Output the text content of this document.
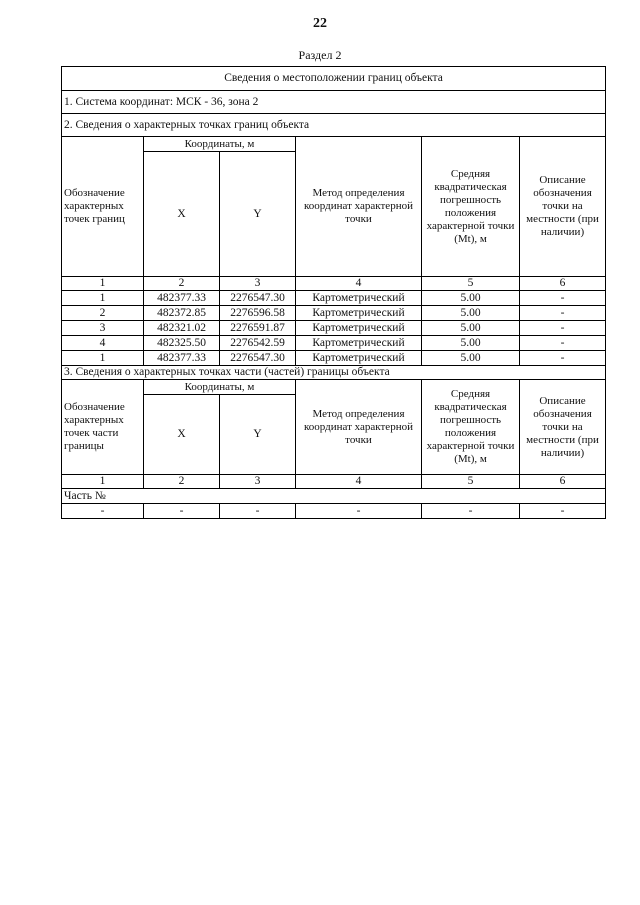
22
Раздел 2
Сведения о местоположении границ объекта					
1. Система координат: МСК - 36, зона 2					
2. Сведения о характерных точках границ объекта					
Обозначение характерных точек границ	Координаты, м		Метод определения координат характерной точки	Средняя квадратическая погрешность положения характерной точки (Mt), м	Описание обозначения точки на местности (при наличии)
	X	Y			
1	2	3	4	5	6
1	482377.33	2276547.30	Картометрический	5.00	-
2	482372.85	2276596.58	Картометрический	5.00	-
3	482321.02	2276591.87	Картометрический	5.00	-
4	482325.50	2276542.59	Картометрический	5.00	-
1	482377.33	2276547.30	Картометрический	5.00	-
3. Сведения о характерных точках части (частей) границы объекта					
Обозначение характерных точек части границы	Координаты, м		Метод определения координат характерной точки	Средняя квадратическая погрешность положения характерной точки (Mt), м	Описание обозначения точки на местности (при наличии)
	X	Y			
1	2	3	4	5	6
Часть №					
-	-	-	-	-	-
